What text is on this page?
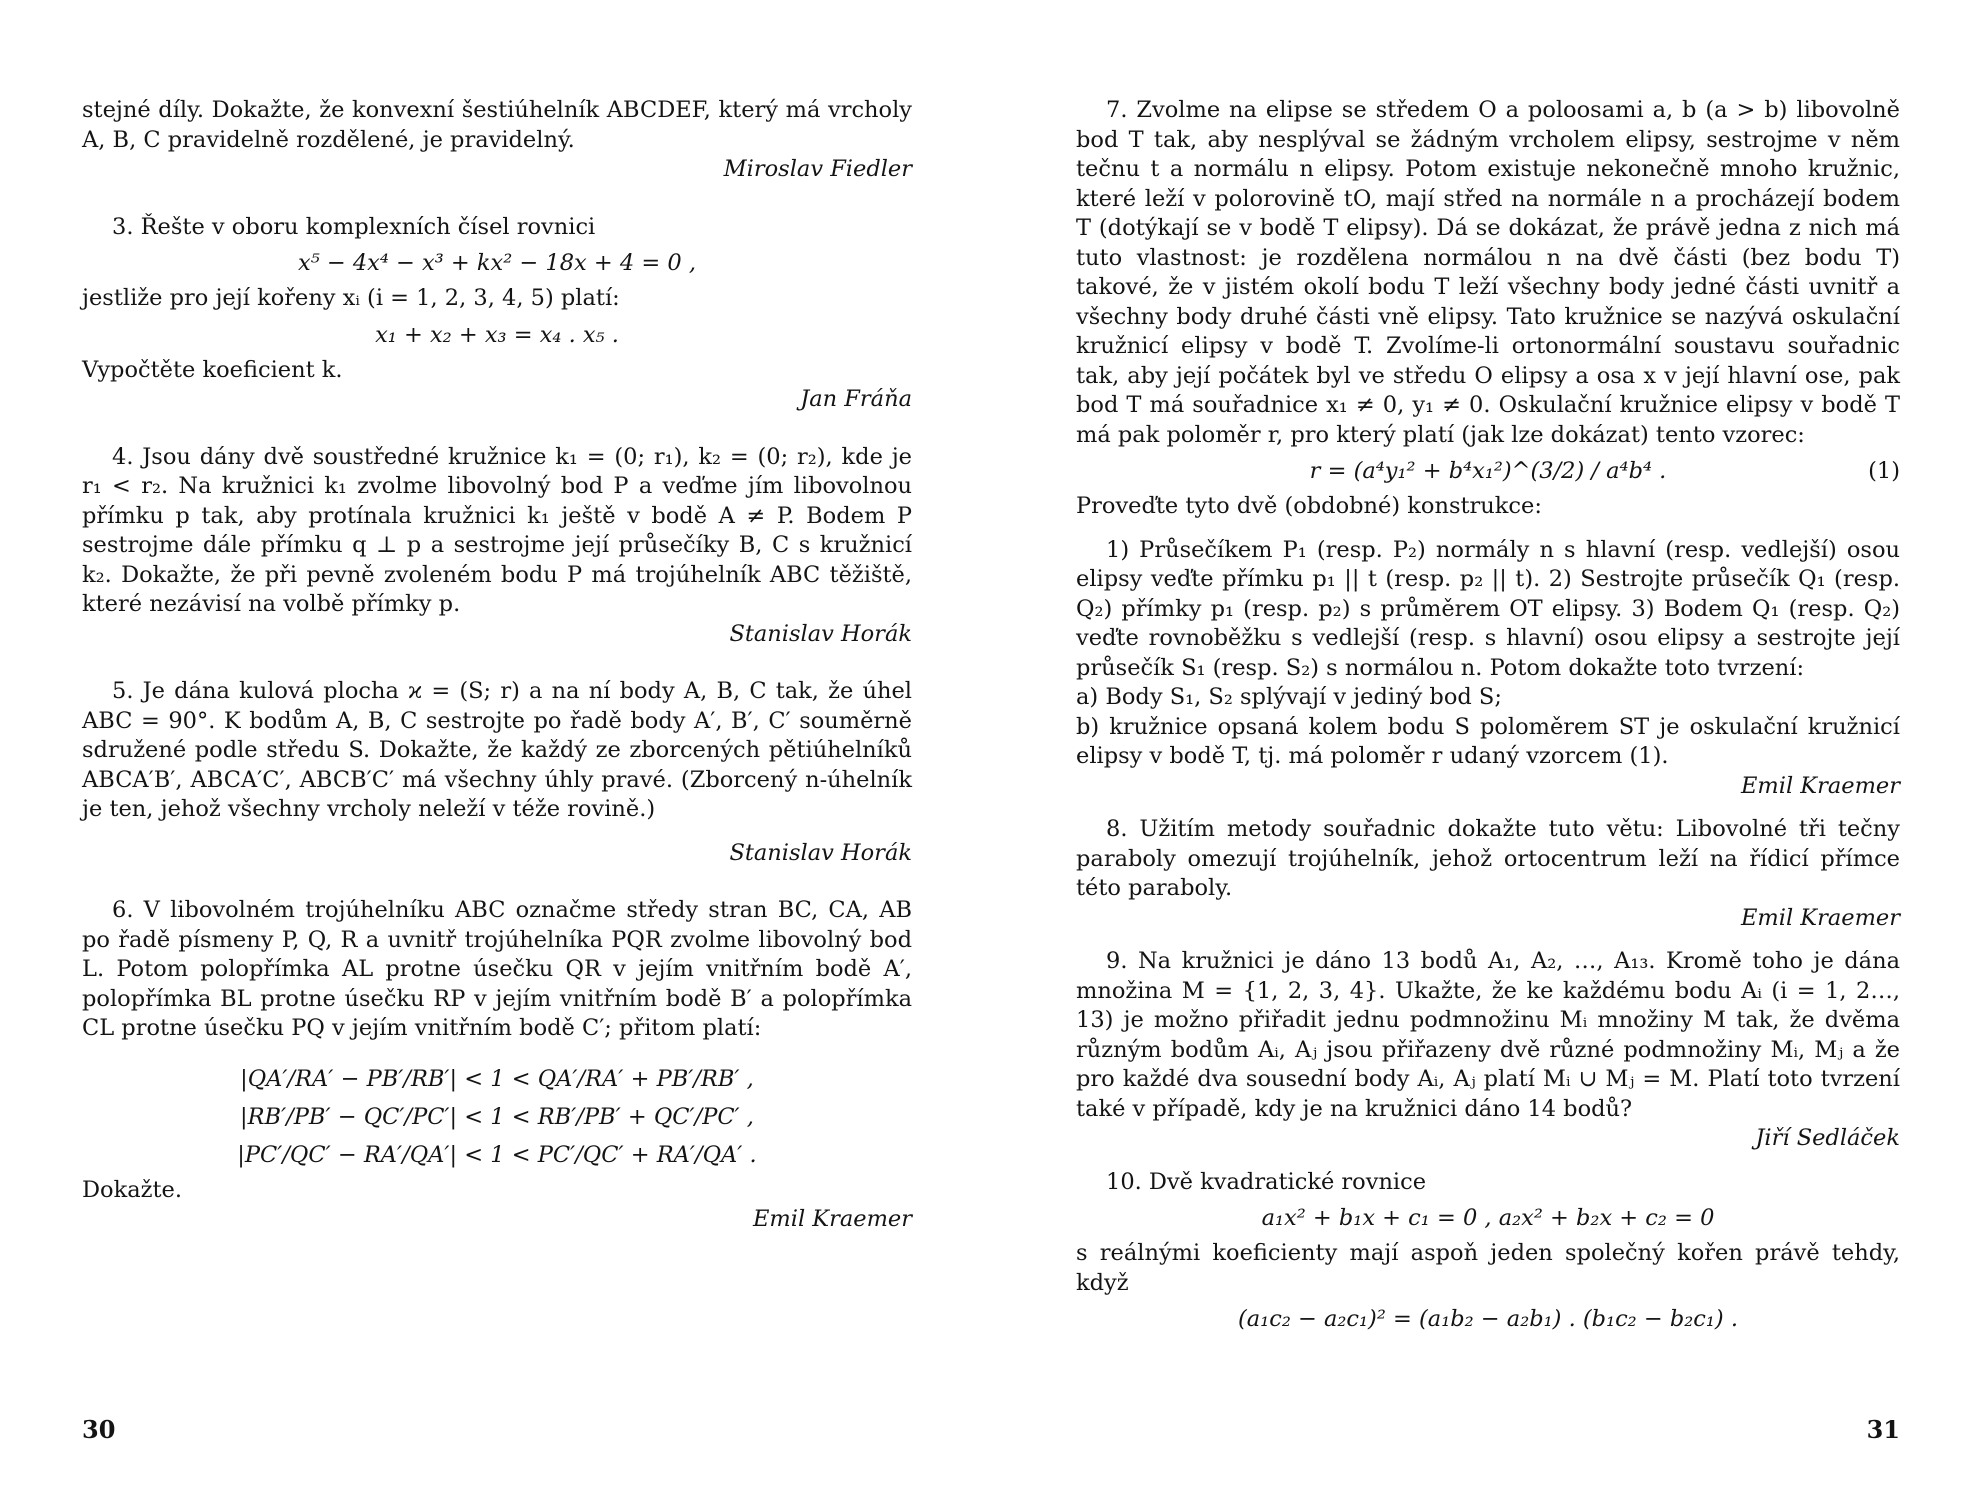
stejné díly. Dokažte, že konvexní šestiúhelník ABCDEF, který má vrcholy A, B, C pravidelně rozdělené, je pravidelný.

Miroslav Fiedler

3. Řešte v oboru komplexních čísel rovnici

x⁵ − 4x⁴ − x³ + kx² − 18x + 4 = 0 ,

jestliže pro její kořeny xᵢ (i = 1, 2, 3, 4, 5) platí:

x₁ + x₂ + x₃ = x₄ . x₅ .

Vypočtěte koeficient k.

Jan Fráňa

4. Jsou dány dvě soustředné kružnice k₁ = (0; r₁), k₂ = (0; r₂), kde je r₁ < r₂. Na kružnici k₁ zvolme libovolný bod P a veďme jím libovolnou přímku p tak, aby protínala kružnici k₁ ještě v bodě A ≠ P. Bodem P sestrojme dále přímku q ⊥ p a sestrojme její průsečíky B, C s kružnicí k₂. Dokažte, že při pevně zvoleném bodu P má trojúhelník ABC těžiště, které nezávisí na volbě přímky p.

Stanislav Horák

5. Je dána kulová plocha ϰ = (S; r) a na ní body A, B, C tak, že úhel ABC = 90°. K bodům A, B, C sestrojte po řadě body A′, B′, C′ souměrně sdružené podle středu S. Dokažte, že každý ze zborcených pětiúhelníků ABCA′B′, ABCA′C′, ABCB′C′ má všechny úhly pravé. (Zborcený n-úhelník je ten, jehož všechny vrcholy neleží v téže rovině.)

Stanislav Horák

6. V libovolném trojúhelníku ABC označme středy stran BC, CA, AB po řadě písmeny P, Q, R a uvnitř trojúhelníka PQR zvolme libovolný bod L. Potom polopřímka AL protne úsečku QR v jejím vnitřním bodě A′, polopřímka BL protne úsečku RP v jejím vnitřním bodě B′ a polopřímka CL protne úsečku PQ v jejím vnitřním bodě C′; přitom platí:

|QA′/RA′ − PB′/RB′| < 1 < QA′/RA′ + PB′/RB′ ,

|RB′/PB′ − QC′/PC′| < 1 < RB′/PB′ + QC′/PC′ ,

|PC′/QC′ − RA′/QA′| < 1 < PC′/QC′ + RA′/QA′ .

Dokažte.

Emil Kraemer

30

7. Zvolme na elipse se středem O a poloosami a, b (a > b) libovolně bod T tak, aby nesplýval se žádným vrcholem elipsy, sestrojme v něm tečnu t a normálu n elipsy. Potom existuje nekonečně mnoho kružnic, které leží v polorovině tO, mají střed na normále n a procházejí bodem T (dotýkají se v bodě T elipsy). Dá se dokázat, že právě jedna z nich má tuto vlastnost: je rozdělena normálou n na dvě části (bez bodu T) takové, že v jistém okolí bodu T leží všechny body jedné části uvnitř a všechny body druhé části vně elipsy. Tato kružnice se nazývá oskulační kružnicí elipsy v bodě T. Zvolíme-li ortonormální soustavu souřadnic tak, aby její počátek byl ve středu O elipsy a osa x v její hlavní ose, pak bod T má souřadnice x₁ ≠ 0, y₁ ≠ 0. Oskulační kružnice elipsy v bodě T má pak poloměr r, pro který platí (jak lze dokázat) tento vzorec:

r = (a⁴y₁² + b⁴x₁²)^(3/2) / a⁴b⁴ .	(1)

Proveďte tyto dvě (obdobné) konstrukce:

1) Průsečíkem P₁ (resp. P₂) normály n s hlavní (resp. vedlejší) osou elipsy veďte přímku p₁ || t (resp. p₂ || t). 2) Sestrojte průsečík Q₁ (resp. Q₂) přímky p₁ (resp. p₂) s průměrem OT elipsy. 3) Bodem Q₁ (resp. Q₂) veďte rovnoběžku s vedlejší (resp. s hlavní) osou elipsy a sestrojte její průsečík S₁ (resp. S₂) s normálou n. Potom dokažte toto tvrzení:

a) Body S₁, S₂ splývají v jediný bod S;

b) kružnice opsaná kolem bodu S poloměrem ST je oskulační kružnicí elipsy v bodě T, tj. má poloměr r udaný vzorcem (1).

Emil Kraemer

8. Užitím metody souřadnic dokažte tuto větu: Libovolné tři tečny paraboly omezují trojúhelník, jehož ortocentrum leží na řídicí přímce této paraboly.

Emil Kraemer

9. Na kružnici je dáno 13 bodů A₁, A₂, …, A₁₃. Kromě toho je dána množina M = {1, 2, 3, 4}. Ukažte, že ke každému bodu Aᵢ (i = 1, 2…, 13) je možno přiřadit jednu podmnožinu Mᵢ množiny M tak, že dvěma různým bodům Aᵢ, Aⱼ jsou přiřazeny dvě různé podmnožiny Mᵢ, Mⱼ a že pro každé dva sousední body Aᵢ, Aⱼ platí Mᵢ ∪ Mⱼ = M. Platí toto tvrzení také v případě, kdy je na kružnici dáno 14 bodů?

Jiří Sedláček

10. Dvě kvadratické rovnice

a₁x² + b₁x + c₁ = 0 , a₂x² + b₂x + c₂ = 0

s reálnými koeficienty mají aspoň jeden společný kořen právě tehdy, když

(a₁c₂ − a₂c₁)² = (a₁b₂ − a₂b₁) . (b₁c₂ − b₂c₁) .

31
